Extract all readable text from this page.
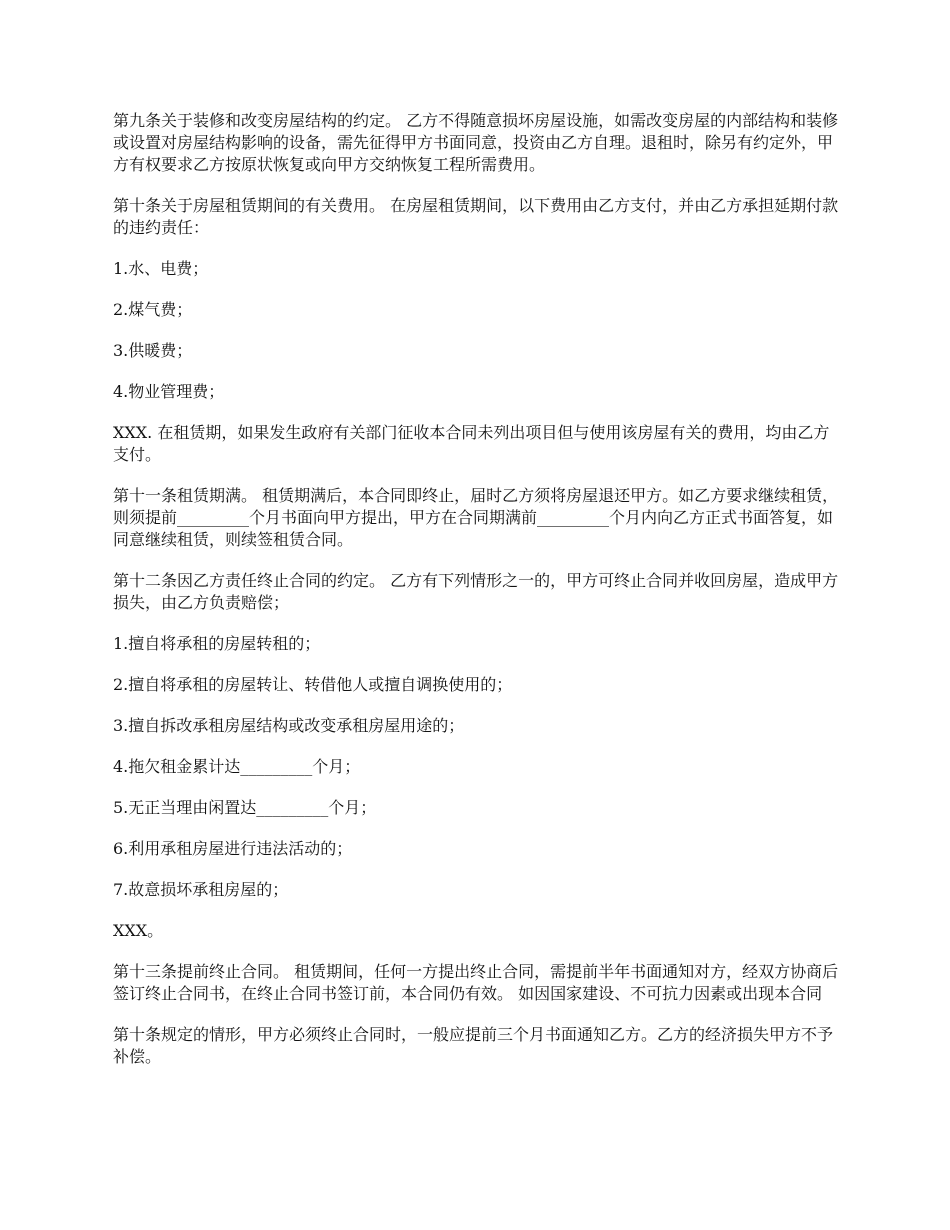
第九条关于装修和改变房屋结构的约定。 乙方不得随意损坏房屋设施，如需改变房屋的内部结构和装修或设置对房屋结构影响的设备，需先征得甲方书面同意，投资由乙方自理。退租时，除另有约定外，甲方有权要求乙方按原状恢复或向甲方交纳恢复工程所需费用。

第十条关于房屋租赁期间的有关费用。 在房屋租赁期间，以下费用由乙方支付，并由乙方承担延期付款的违约责任：

1.水、电费；

2.煤气费；

3.供暖费；

4.物业管理费；

XXX. 在租赁期，如果发生政府有关部门征收本合同未列出项目但与使用该房屋有关的费用，均由乙方支付。

第十一条租赁期满。 租赁期满后，本合同即终止，届时乙方须将房屋退还甲方。如乙方要求继续租赁，则须提前_________个月书面向甲方提出，甲方在合同期满前_________个月内向乙方正式书面答复，如同意继续租赁，则续签租赁合同。

第十二条因乙方责任终止合同的约定。 乙方有下列情形之一的，甲方可终止合同并收回房屋，造成甲方损失，由乙方负责赔偿；

1.擅自将承租的房屋转租的；

2.擅自将承租的房屋转让、转借他人或擅自调换使用的；

3.擅自拆改承租房屋结构或改变承租房屋用途的；

4.拖欠租金累计达_________个月；

5.无正当理由闲置达_________个月；

6.利用承租房屋进行违法活动的；

7.故意损坏承租房屋的；

XXX。

第十三条提前终止合同。 租赁期间，任何一方提出终止合同，需提前半年书面通知对方，经双方协商后签订终止合同书，在终止合同书签订前，本合同仍有效。 如因国家建设、不可抗力因素或出现本合同

第十条规定的情形，甲方必须终止合同时，一般应提前三个月书面通知乙方。乙方的经济损失甲方不予补偿。
